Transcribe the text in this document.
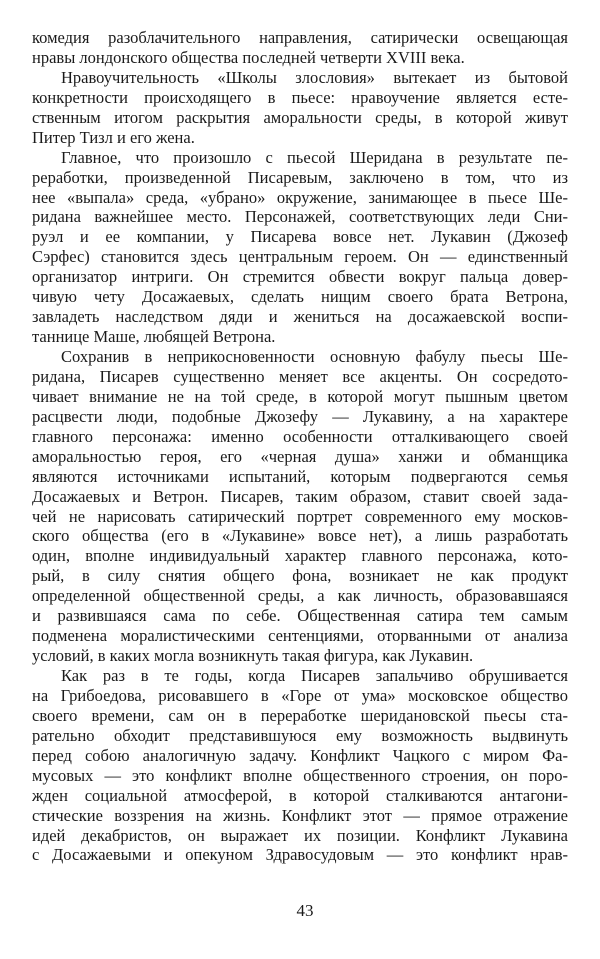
комедия разоблачительного направления, сатирически освещающая
нравы лондонского общества последней четверти XVIII века.
Нравоучительность «Школы злословия» вытекает из бытовой
конкретности происходящего в пьесе: нравоучение является есте-
ственным итогом раскрытия аморальности среды, в которой живут
Питер Тизл и его жена.
Главное, что произошло с пьесой Шеридана в результате пе-
реработки, произведенной Писаревым, заключено в том, что из
нее «выпала» среда, «убрано» окружение, занимающее в пьесе Ше-
ридана важнейшее место. Персонажей, соответствующих леди Сни-
руэл и ее компании, у Писарева вовсе нет. Лукавин (Джозеф
Сэрфес) становится здесь центральным героем. Он — единственный
организатор интриги. Он стремится обвести вокруг пальца довер-
чивую чету Досажаевых, сделать нищим своего брата Ветрона,
завладеть наследством дяди и жениться на досажаевской воспи-
таннице Маше, любящей Ветрона.
Сохранив в неприкосновенности основную фабулу пьесы Ше-
ридана, Писарев существенно меняет все акценты. Он сосредото-
чивает внимание не на той среде, в которой могут пышным цветом
расцвести люди, подобные Джозефу — Лукавину, а на характере
главного персонажа: именно особенности отталкивающего своей
аморальностью героя, его «черная душа» ханжи и обманщика
являются источниками испытаний, которым подвергаются семья
Досажаевых и Ветрон. Писарев, таким образом, ставит своей зада-
чей не нарисовать сатирический портрет современного ему москов-
ского общества (его в «Лукавине» вовсе нет), а лишь разработать
один, вполне индивидуальный характер главного персонажа, кото-
рый, в силу снятия общего фона, возникает не как продукт
определенной общественной среды, а как личность, образовавшаяся
и развившаяся сама по себе. Общественная сатира тем самым
подменена моралистическими сентенциями, оторванными от анализа
условий, в каких могла возникнуть такая фигура, как Лукавин.
Как раз в те годы, когда Писарев запальчиво обрушивается
на Грибоедова, рисовавшего в «Горе от ума» московское общество
своего времени, сам он в переработке шеридановской пьесы ста-
рательно обходит представившуюся ему возможность выдвинуть
перед собою аналогичную задачу. Конфликт Чацкого с миром Фа-
мусовых — это конфликт вполне общественного строения, он поро-
жден социальной атмосферой, в которой сталкиваются антагони-
стические воззрения на жизнь. Конфликт этот — прямое отражение
идей декабристов, он выражает их позиции. Конфликт Лукавина
с Досажаевыми и опекуном Здравосудовым — это конфликт нрав-
43
